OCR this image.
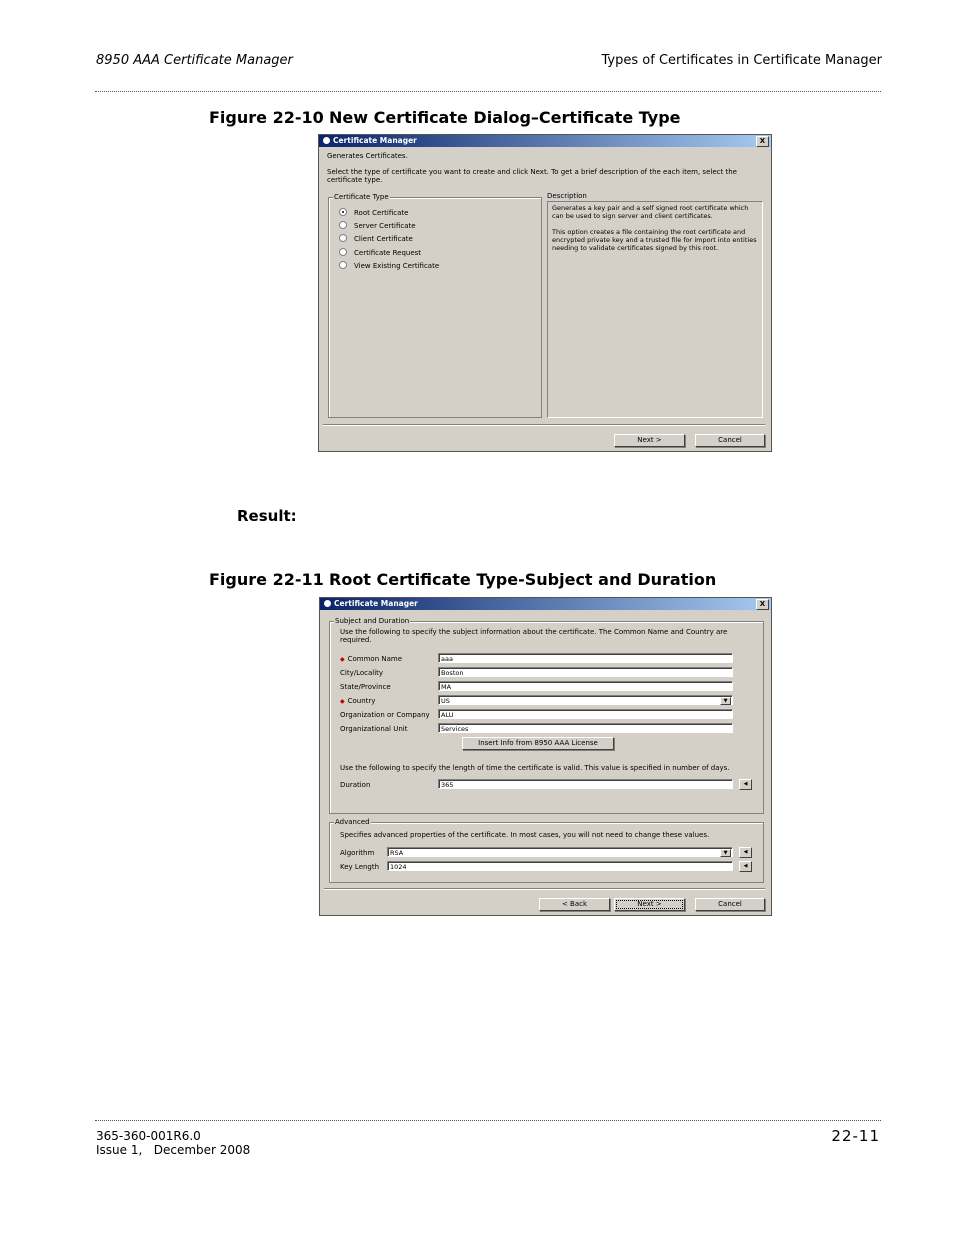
8950 AAA Certificate Manager	Types of Certificates in Certificate Manager
Figure 22-10 New Certificate Dialog–Certificate Type
Certificate Manager	X
Generates Certificates.
Select the type of certificate you want to create and click Next. To get a brief description of the each item, select the certificate type.
Certificate Type
Root Certificate
Server Certificate
Client Certificate
Certificate Request
View Existing Certificate
Description
Generates a key pair and a self signed root certificate which can be used to sign server and client certificates.
This option creates a file containing the root certificate and encrypted private key and a trusted file for import into entities needing to validate certificates signed by this root.
Next >	Cancel
Result:
Figure 22-11 Root Certificate Type-Subject and Duration
Certificate Manager	X
Subject and Duration
Use the following to specify the subject information about the certificate. The Common Name and Country are required.
◆ Common Name	aaa
City/Locality	Boston
State/Province	MA
◆ Country	US	▼
Organization or Company	ALU
Organizational Unit	Services
Insert Info from 8950 AAA License
Use the following to specify the length of time the certificate is valid. This value is specified in number of days.
Duration	365	◀
Advanced
Specifies advanced properties of the certificate. In most cases, you will not need to change these values.
Algorithm	RSA	▼	◀
Key Length	1024	◀
< Back	Next >	Cancel
365-360-001R6.0
Issue 1,   December 2008
22-11
